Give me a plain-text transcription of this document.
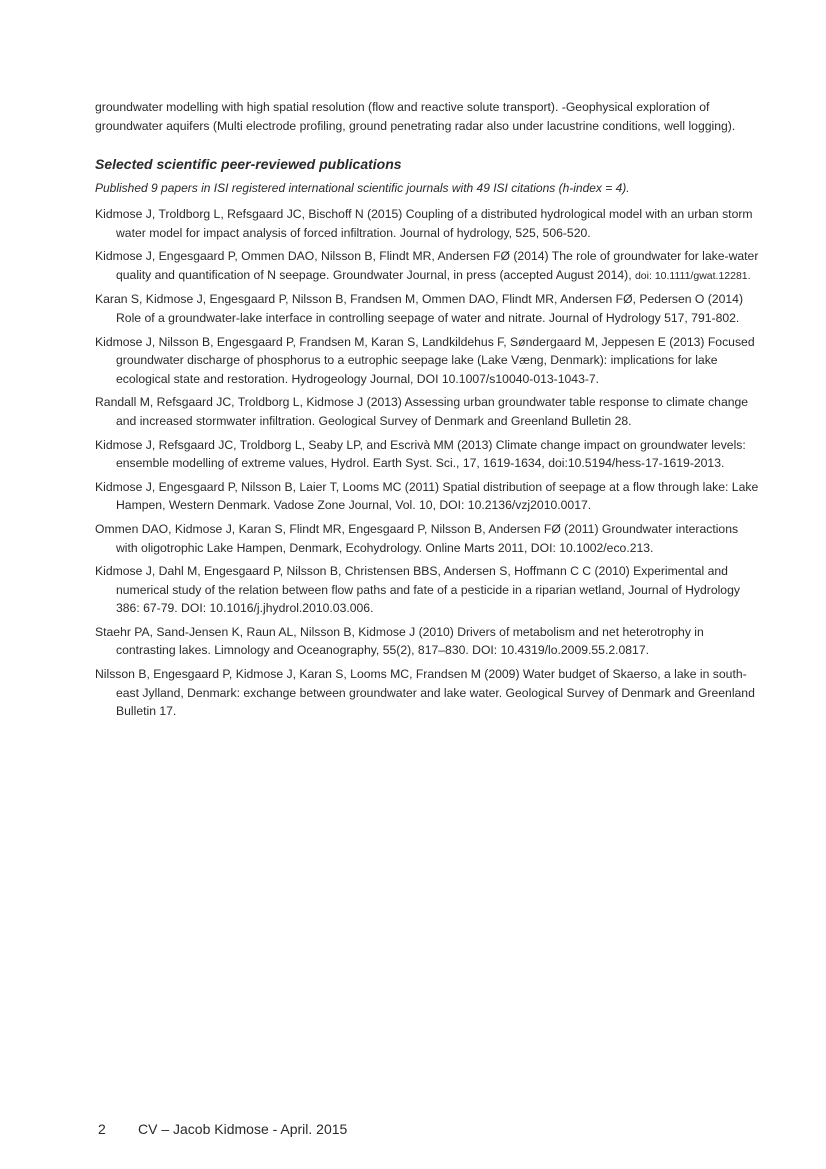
groundwater modelling with high spatial resolution (flow and reactive solute transport). -Geophysical exploration of groundwater aquifers (Multi electrode profiling, ground penetrating radar also under lacustrine conditions, well logging).

Selected scientific peer-reviewed publications
Published 9 papers in ISI registered international scientific journals with 49 ISI citations (h-index = 4).

Kidmose J, Troldborg L, Refsgaard JC, Bischoff N (2015) Coupling of a distributed hydrological model with an urban storm water model for impact analysis of forced infiltration. Journal of hydrology, 525, 506-520.

Kidmose J, Engesgaard P, Ommen DAO, Nilsson B, Flindt MR, Andersen FØ (2014) The role of groundwater for lake-water quality and quantification of N seepage. Groundwater Journal, in press (accepted August 2014), doi: 10.1111/gwat.12281.

Karan S, Kidmose J, Engesgaard P, Nilsson B, Frandsen M, Ommen DAO, Flindt MR, Andersen FØ, Pedersen O (2014) Role of a groundwater-lake interface in controlling seepage of water and nitrate. Journal of Hydrology 517, 791-802.

Kidmose J, Nilsson B, Engesgaard P, Frandsen M, Karan S, Landkildehus F, Søndergaard M, Jeppesen E (2013) Focused groundwater discharge of phosphorus to a eutrophic seepage lake (Lake Væng, Denmark): implications for lake ecological state and restoration. Hydrogeology Journal, DOI 10.1007/s10040-013-1043-7.

Randall M, Refsgaard JC, Troldborg L, Kidmose J (2013) Assessing urban groundwater table response to climate change and increased stormwater infiltration. Geological Survey of Denmark and Greenland Bulletin 28.

Kidmose J, Refsgaard JC, Troldborg L, Seaby LP, and Escrivà MM (2013) Climate change impact on groundwater levels: ensemble modelling of extreme values, Hydrol. Earth Syst. Sci., 17, 1619-1634, doi:10.5194/hess-17-1619-2013.

Kidmose J, Engesgaard P, Nilsson B, Laier T, Looms MC (2011) Spatial distribution of seepage at a flow through lake: Lake Hampen, Western Denmark. Vadose Zone Journal, Vol. 10, DOI: 10.2136/vzj2010.0017.

Ommen DAO, Kidmose J, Karan S, Flindt MR, Engesgaard P, Nilsson B, Andersen FØ (2011) Groundwater interactions with oligotrophic Lake Hampen, Denmark, Ecohydrology. Online Marts 2011, DOI: 10.1002/eco.213.

Kidmose J, Dahl M, Engesgaard P, Nilsson B, Christensen BBS, Andersen S, Hoffmann C C (2010) Experimental and numerical study of the relation between flow paths and fate of a pesticide in a riparian wetland, Journal of Hydrology 386: 67-79. DOI: 10.1016/j.jhydrol.2010.03.006.

Staehr PA, Sand-Jensen K, Raun AL, Nilsson B, Kidmose J (2010) Drivers of metabolism and net heterotrophy in contrasting lakes. Limnology and Oceanography, 55(2), 817–830. DOI: 10.4319/lo.2009.55.2.0817.

Nilsson B, Engesgaard P, Kidmose J, Karan S, Looms MC, Frandsen M (2009) Water budget of Skaerso, a lake in south-east Jylland, Denmark: exchange between groundwater and lake water. Geological Survey of Denmark and Greenland Bulletin 17.

2 CV – Jacob Kidmose - April. 2015
